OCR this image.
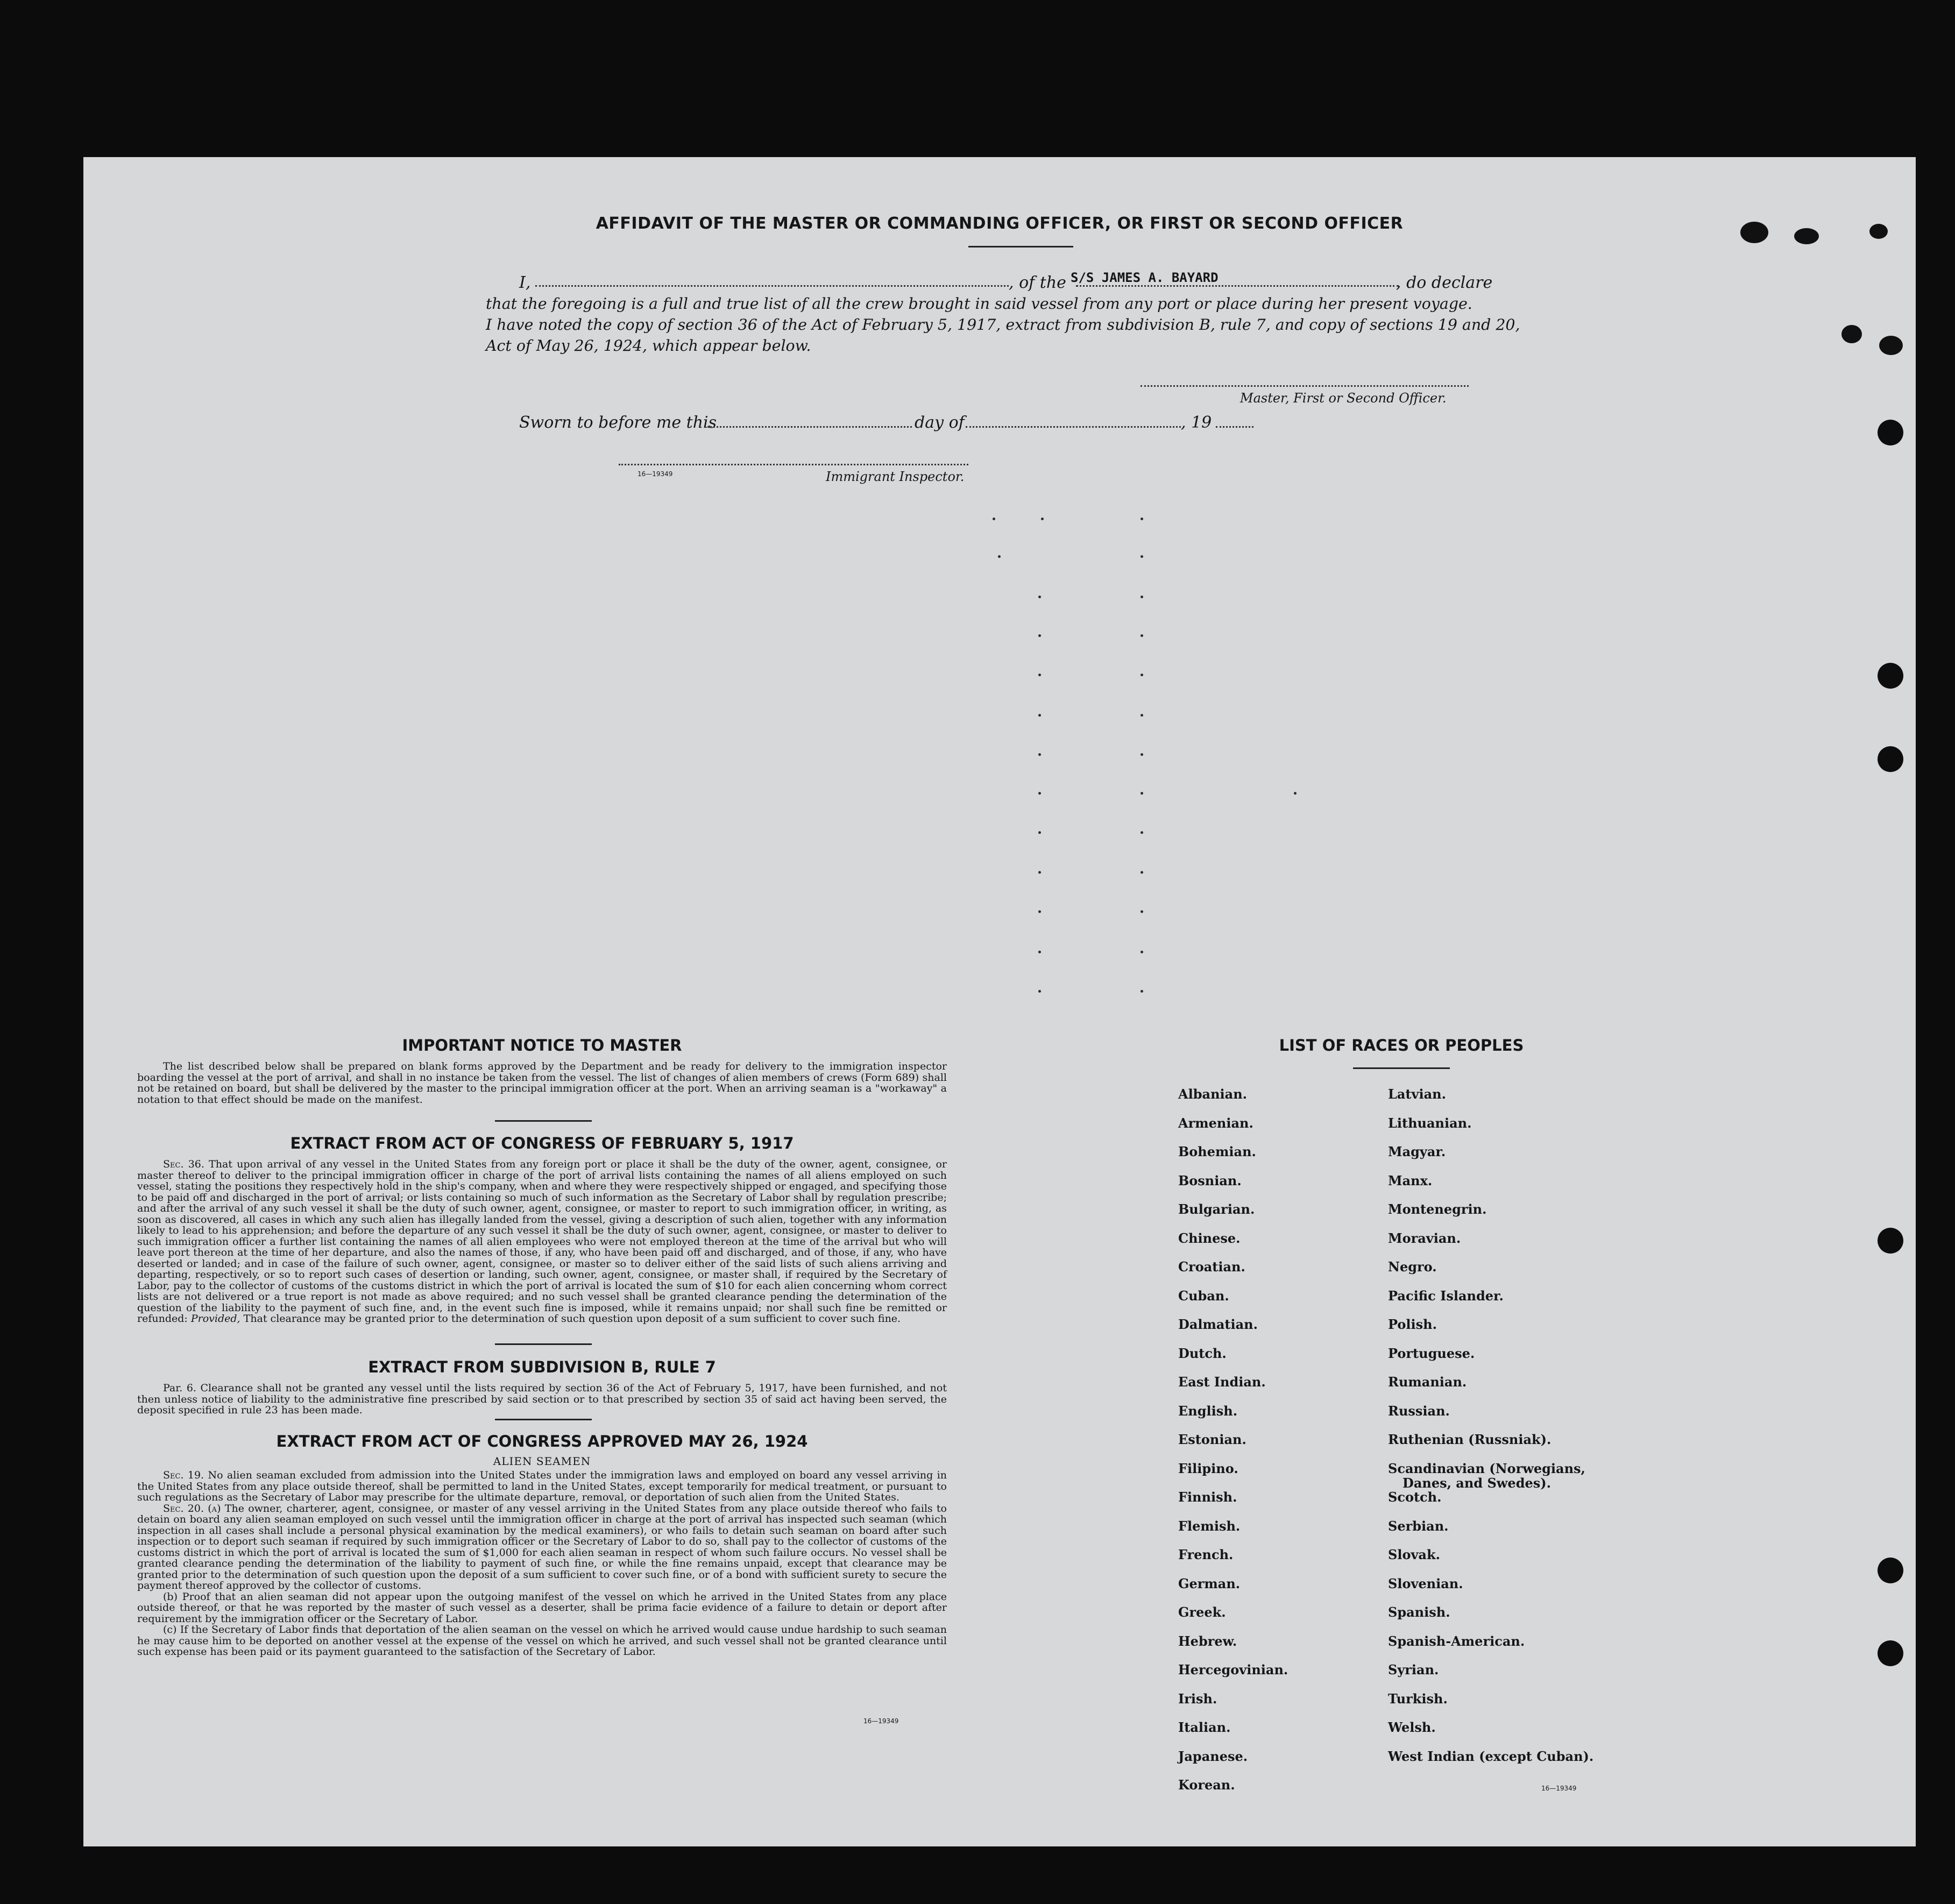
AFFIDAVIT OF THE MASTER OR COMMANDING OFFICER, OR FIRST OR SECOND OFFICER
I,	, of the S/S JAMES A. BAYARD	, do declare
that the foregoing is a full and true list of all the crew brought in said vessel from any port or place during her present voyage.
I have noted the copy of section 36 of the Act of February 5, 1917, extract from subdivision B, rule 7, and copy of sections 19 and 20,
Act of May 26, 1924, which appear below.
Master, First or Second Officer.
Sworn to before me this	day of	, 19
16—19349	Immigrant Inspector.
IMPORTANT NOTICE TO MASTER
The list described below shall be prepared on blank forms approved by the Department and be ready for delivery to the immigration inspector boarding the vessel at the port of arrival, and shall in no instance be taken from the vessel. The list of changes of alien members of crews (Form 689) shall not be retained on board, but shall be delivered by the master to the principal immigration officer at the port. When an arriving seaman is a "workaway" a notation to that effect should be made on the manifest.
EXTRACT FROM ACT OF CONGRESS OF FEBRUARY 5, 1917
Sec. 36. That upon arrival of any vessel in the United States from any foreign port or place it shall be the duty of the owner, agent, consignee, or master thereof to deliver to the principal immigration officer in charge of the port of arrival lists containing the names of all aliens employed on such vessel, stating the positions they respectively hold in the ship's company, when and where they were respectively shipped or engaged, and specifying those to be paid off and discharged in the port of arrival; or lists containing so much of such information as the Secretary of Labor shall by regulation prescribe; and after the arrival of any such vessel it shall be the duty of such owner, agent, consignee, or master to report to such immigration officer, in writing, as soon as discovered, all cases in which any such alien has illegally landed from the vessel, giving a description of such alien, together with any information likely to lead to his apprehension; and before the departure of any such vessel it shall be the duty of such owner, agent, consignee, or master to deliver to such immigration officer a further list containing the names of all alien employees who were not employed thereon at the time of the arrival but who will leave port thereon at the time of her departure, and also the names of those, if any, who have been paid off and discharged, and of those, if any, who have deserted or landed; and in case of the failure of such owner, agent, consignee, or master so to deliver either of the said lists of such aliens arriving and departing, respectively, or so to report such cases of desertion or landing, such owner, agent, consignee, or master shall, if required by the Secretary of Labor, pay to the collector of customs of the customs district in which the port of arrival is located the sum of $10 for each alien concerning whom correct lists are not delivered or a true report is not made as above required; and no such vessel shall be granted clearance pending the determination of the question of the liability to the payment of such fine, and, in the event such fine is imposed, while it remains unpaid; nor shall such fine be remitted or refunded: Provided, That clearance may be granted prior to the determination of such question upon deposit of a sum sufficient to cover such fine.
EXTRACT FROM SUBDIVISION B, RULE 7
Par. 6. Clearance shall not be granted any vessel until the lists required by section 36 of the Act of February 5, 1917, have been furnished, and not then unless notice of liability to the administrative fine prescribed by said section or to that prescribed by section 35 of said act having been served, the deposit specified in rule 23 has been made.
EXTRACT FROM ACT OF CONGRESS APPROVED MAY 26, 1924
ALIEN SEAMEN
Sec. 19. No alien seaman excluded from admission into the United States under the immigration laws and employed on board any vessel arriving in the United States from any place outside thereof, shall be permitted to land in the United States, except temporarily for medical treatment, or pursuant to such regulations as the Secretary of Labor may prescribe for the ultimate departure, removal, or deportation of such alien from the United States.
Sec. 20. (a) The owner, charterer, agent, consignee, or master of any vessel arriving in the United States from any place outside thereof who fails to detain on board any alien seaman employed on such vessel until the immigration officer in charge at the port of arrival has inspected such seaman (which inspection in all cases shall include a personal physical examination by the medical examiners), or who fails to detain such seaman on board after such inspection or to deport such seaman if required by such immigration officer or the Secretary of Labor to do so, shall pay to the collector of customs of the customs district in which the port of arrival is located the sum of $1,000 for each alien seaman in respect of whom such failure occurs. No vessel shall be granted clearance pending the determination of the liability to payment of such fine, or while the fine remains unpaid, except that clearance may be granted prior to the determination of such question upon the deposit of a sum sufficient to cover such fine, or of a bond with sufficient surety to secure the payment thereof approved by the collector of customs.
(b) Proof that an alien seaman did not appear upon the outgoing manifest of the vessel on which he arrived in the United States from any place outside thereof, or that he was reported by the master of such vessel as a deserter, shall be prima facie evidence of a failure to detain or deport after requirement by the immigration officer or the Secretary of Labor.
(c) If the Secretary of Labor finds that deportation of the alien seaman on the vessel on which he arrived would cause undue hardship to such seaman he may cause him to be deported on another vessel at the expense of the vessel on which he arrived, and such vessel shall not be granted clearance until such expense has been paid or its payment guaranteed to the satisfaction of the Secretary of Labor.
16—19349
LIST OF RACES OR PEOPLES
Danes, and Swedes).
16—19349
Albanian.
Armenian.
Bohemian.
Bosnian.
Bulgarian.
Chinese.
Croatian.
Cuban.
Dalmatian.
Dutch.
East Indian.
English.
Estonian.
Filipino.
Finnish.
Flemish.
French.
German.
Greek.
Hebrew.
Hercegovinian.
Irish.
Italian.
Japanese.
Korean.
Latvian.
Lithuanian.
Magyar.
Manx.
Montenegrin.
Moravian.
Negro.
Pacific Islander.
Polish.
Portuguese.
Rumanian.
Russian.
Ruthenian (Russniak).
Scandinavian (Norwegians,
Scotch.
Serbian.
Slovak.
Slovenian.
Spanish.
Spanish-American.
Syrian.
Turkish.
Welsh.
West Indian (except Cuban).
